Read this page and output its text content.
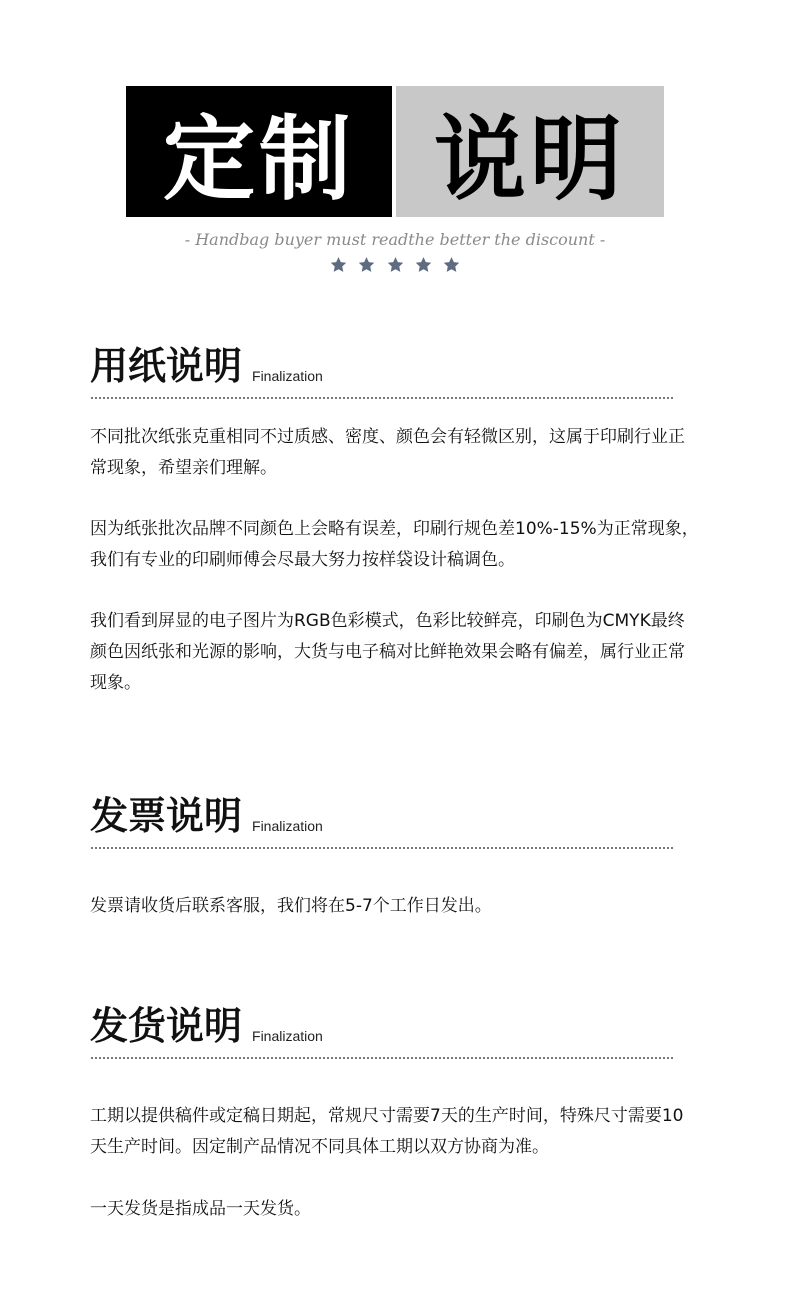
定制 说明
- Handbag buyer must readthe better the discount -

用纸说明 Finalization

不同批次纸张克重相同不过质感、密度、颜色会有轻微区别，这属于印刷行业正常现象，希望亲们理解。

因为纸张批次品牌不同颜色上会略有误差，印刷行规色差10%-15%为正常现象，我们有专业的印刷师傅会尽最大努力按样袋设计稿调色。

我们看到屏显的电子图片为RGB色彩模式，色彩比较鲜亮，印刷色为CMYK最终颜色因纸张和光源的影响，大货与电子稿对比鲜艳效果会略有偏差，属行业正常现象。

发票说明 Finalization

发票请收货后联系客服，我们将在5-7个工作日发出。

发货说明 Finalization

工期以提供稿件或定稿日期起，常规尺寸需要7天的生产时间，特殊尺寸需要10天生产时间。因定制产品情况不同具体工期以双方协商为准。

一天发货是指成品一天发货。
